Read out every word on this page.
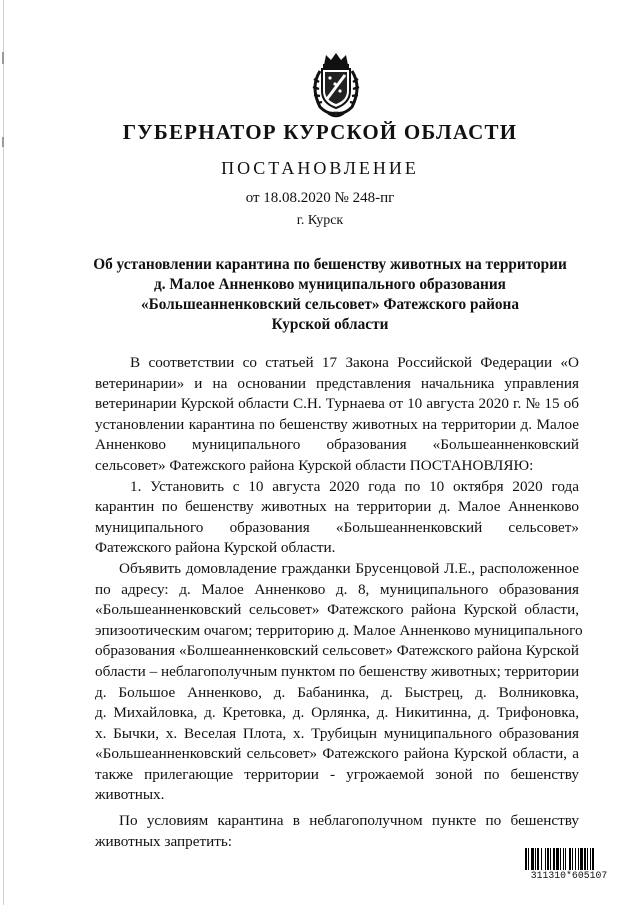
ГУБЕРНАТОР КУРСКОЙ ОБЛАСТИ
ПОСТАНОВЛЕНИЕ
от 18.08.2020 № 248-пг
г. Курск
Об установлении карантина по бешенству животных на территории
д. Малое Анненково муниципального образования
«Большеанненковский сельсовет» Фатежского района
Курской области
В соответствии со статьей 17 Закона Российской Федерации «О
ветеринарии» и на основании представления начальника управления
ветеринарии Курской области С.Н. Турнаева от 10 августа 2020 г. № 15 об
установлении карантина по бешенству животных на территории д. Малое
Анненково муниципального образования «Большеанненковский
сельсовет» Фатежского района Курской области ПОСТАНОВЛЯЮ:
1. Установить с 10 августа 2020 года по 10 октября 2020 года
карантин по бешенству животных на территории д. Малое Анненково
муниципального образования «Большеанненковский сельсовет»
Фатежского района Курской области.
Объявить домовладение гражданки Брусенцовой Л.Е., расположенное
по адресу: д. Малое Анненково д. 8, муниципального образования
«Большеанненковский сельсовет» Фатежского района Курской области,
эпизоотическим очагом; территорию д. Малое Анненково муниципального
образования «Болшеанненковский сельсовет» Фатежского района Курской
области – неблагополучным пунктом по бешенству животных; территории
д. Большое Анненково, д. Бабанинка, д. Быстрец, д. Волниковка,
д. Михайловка, д. Кретовка, д. Орлянка, д. Никитинна, д. Трифоновка,
х. Бычки, х. Веселая Плота, х. Трубицын муниципального образования
«Большеанненковский сельсовет» Фатежского района Курской области, а
также прилегающие территории - угрожаемой зоной по бешенству
животных.
По условиям карантина в неблагополучном пункте по бешенству
животных запретить:
311310*605107
